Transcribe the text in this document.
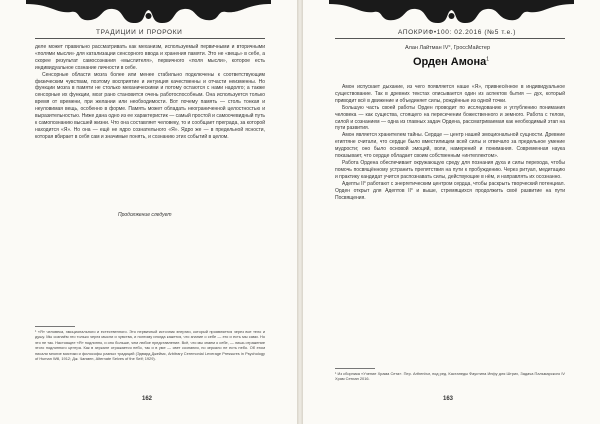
ТРАДИЦИИ И ПРОРОКИ

деле может правильно рассматривать как механизм, используемый первичными и вторичными «полями мысли» для катализации сенсорного ввода и хранения памяти. Это не «вещь» в себе, а скорее результат самосознания «мыслителя», первичного «поля мысли», которое есть индивидуальное сознание личности в себе.

Сенсорные области мозга более или менее стабильно подключены к соответствующим физическим чувствам, поэтому восприятие и интуиция качественны и отчасти неизменны. Но функции мозга в памяти не столько механическими и потому остаются с нами надолго; а также сенсорные их функции, мозг рано становится очень работоспособным. Она используется только время от времени, при желании или необходимости. Вот почему память — столь тонкая и неуловимая вещь, особенно в форме. Память может обладать неограниченной целостностью и выразительностью. Ниже дана одно из ее характеристик — самый простой и самоочевидный путь к самопознанию высшей жизни. Что она составляет человеку, то и сообщает преграда, за которой находится «Я». Но она — ещё не ядро сознательного «Я». Ядро же — в предельной ясности, которая вбирает в себя сам и значимые понять, и сознанию этих событий в целом.

Продолжение следует
¹ «Я» человека, эмоционального и естественного. Это первичный источник энергии, который проявляется через все тело и душу. Мы сознаём это только через мысли и чувства, и поэтому иногда кажется, что знание о себе — это и есть мы сами. Но это не так. Настоящее «Я» подлинно, и оно больше, чем любое представление. Всё, что мы знаем о себе, — лишь отражение этого подлинного центра. Как в зеркале отражается небо, так и в уме — свет сознания, но зеркало не есть небо. Об этом писали многие мистики и философы разных традиций (Эдвард Джеймс, Arbitrary Ceremonial Leverage Pressures in Psychology of Human Will, 1912; Дж. Чапмен, Alternate Selves of the Self; 1929).
162
АПОКРИФ•100: 02.2016 (№5 т.е.)
Алан Лайтман IV°, ГроссМайстер
Орден Амона$^1$

Амон испускает дыхание, из чего появляется наше «Я», привнесённое в индивидуальное существование. Так в древних текстах описывается один из аспектов бытия — дух, который приводит всё в движение и объединяет силы, рождённые из одной точки.

Большую часть своей работы Орден проводит по исследованию и углублению понимания человека — как существа, стоящего на пересечении божественного и земного. Работа с телом, силой и сознанием — одна из главных задач Ордена, рассматриваемая как необходимый этап на пути развития.

Амон является хранителем тайны. Сердце — центр нашей эмоциональной сущности. Древние египтяне считали, что сердце было вместилищем всей силы и отвечало за предельное умение мудрости; оно было основой эмоций, воли, намерений и понимания. Современная наука показывает, что сердце обладает своим собственным «интеллектом».

Работа Ордена обеспечивает окружающую среду для познания духа и силы перехода, чтобы помочь посвящённому устранить препятствия на пути к пробуждению. Через ритуал, медитацию и практику кандидат учится распознавать силы, действующие в нём, и направлять их осознанно.

Адепты II° работают с энергетическим центром сердца, чтобы раскрыть творческий потенциал. Орден открыт для Адептов II° и выше, стремящихся продолжить своё развитие на пути Посвящения.

¹ Из сборника «Учение Храма Сета». Пер. Arthenbur, под ред. Кастанеды Фаустина Инфу для Штрих, Задача Пальмарского IV Храм Сетиан 2016.
163
